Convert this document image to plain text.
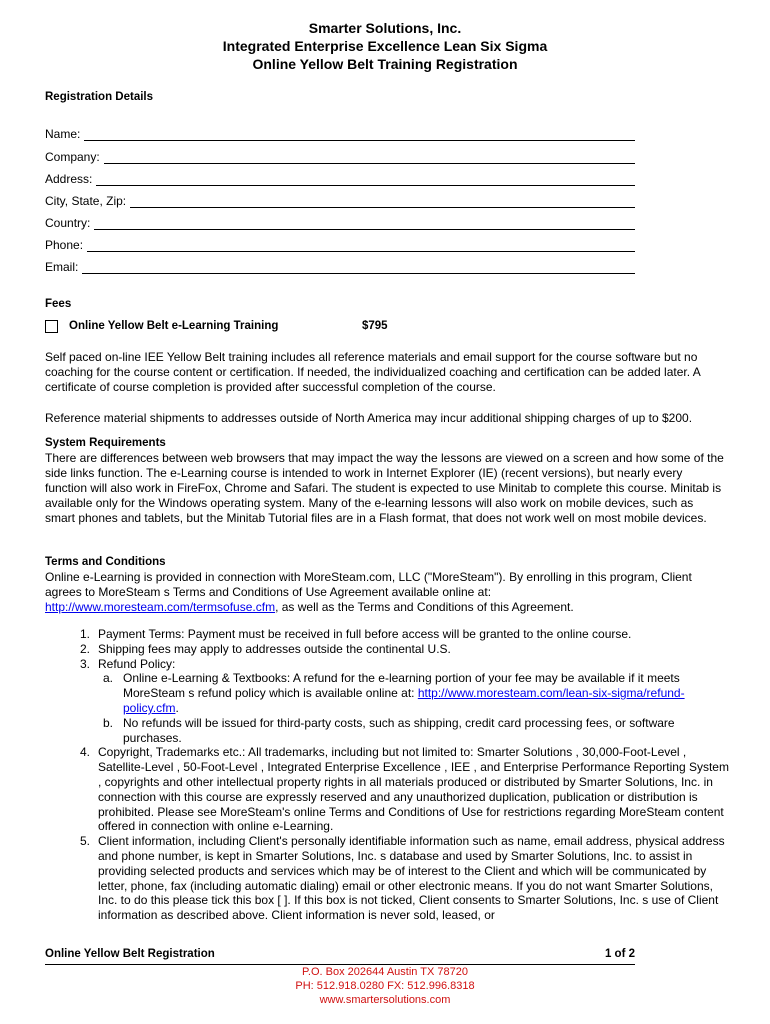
Smarter Solutions, Inc.
Integrated Enterprise Excellence Lean Six Sigma
Online Yellow Belt Training Registration
Registration Details
Name:
Company:
Address:
City, State, Zip:
Country:
Phone:
Email:
Fees
Online Yellow Belt e-Learning Training	$795
Self paced on-line IEE Yellow Belt training includes all reference materials and email support for the course software but no coaching for the course content or certification. If needed, the individualized coaching and certification can be added later. A certificate of course completion is provided after successful completion of the course.
Reference material shipments to addresses outside of North America may incur additional shipping charges of up to $200.
System Requirements
There are differences between web browsers that may impact the way the lessons are viewed on a screen and how some of the side links function. The e-Learning course is intended to work in Internet Explorer (IE) (recent versions), but nearly every function will also work in FireFox, Chrome and Safari. The student is expected to use Minitab to complete this course. Minitab is available only for the Windows operating system. Many of the e-learning lessons will also work on mobile devices, such as smart phones and tablets, but the Minitab Tutorial files are in a Flash format, that does not work well on most mobile devices.
Terms and Conditions
Online e-Learning is provided in connection with MoreSteam.com, LLC ("MoreSteam"). By enrolling in this program, Client agrees to MoreSteam s Terms and Conditions of Use Agreement available online at: http://www.moresteam.com/termsofuse.cfm, as well as the Terms and Conditions of this Agreement.
1. Payment Terms: Payment must be received in full before access will be granted to the online course.
2. Shipping fees may apply to addresses outside the continental U.S.
3. Refund Policy:
a. Online e-Learning & Textbooks: A refund for the e-learning portion of your fee may be available if it meets MoreSteam s refund policy which is available online at: http://www.moresteam.com/lean-six-sigma/refund-policy.cfm.
b. No refunds will be issued for third-party costs, such as shipping, credit card processing fees, or software purchases.
4. Copyright, Trademarks etc.: All trademarks, including but not limited to: Smarter Solutions , 30,000-Foot-Level , Satellite-Level , 50-Foot-Level , Integrated Enterprise Excellence , IEE , and Enterprise Performance Reporting System , copyrights and other intellectual property rights in all materials produced or distributed by Smarter Solutions, Inc. in connection with this course are expressly reserved and any unauthorized duplication, publication or distribution is prohibited. Please see MoreSteam's online Terms and Conditions of Use for restrictions regarding MoreSteam content offered in connection with online e-Learning.
5. Client information, including Client's personally identifiable information such as name, email address, physical address and phone number, is kept in Smarter Solutions, Inc. s database and used by Smarter Solutions, Inc. to assist in providing selected products and services which may be of interest to the Client and which will be communicated by letter, phone, fax (including automatic dialing) email or other electronic means. If you do not want Smarter Solutions, Inc. to do this please tick this box [ ]. If this box is not ticked, Client consents to Smarter Solutions, Inc. s use of Client information as described above. Client information is never sold, leased, or
Online Yellow Belt Registration	1 of 2
P.O. Box 202644 Austin TX 78720
PH: 512.918.0280 FX: 512.996.8318
www.smartersolutions.com
